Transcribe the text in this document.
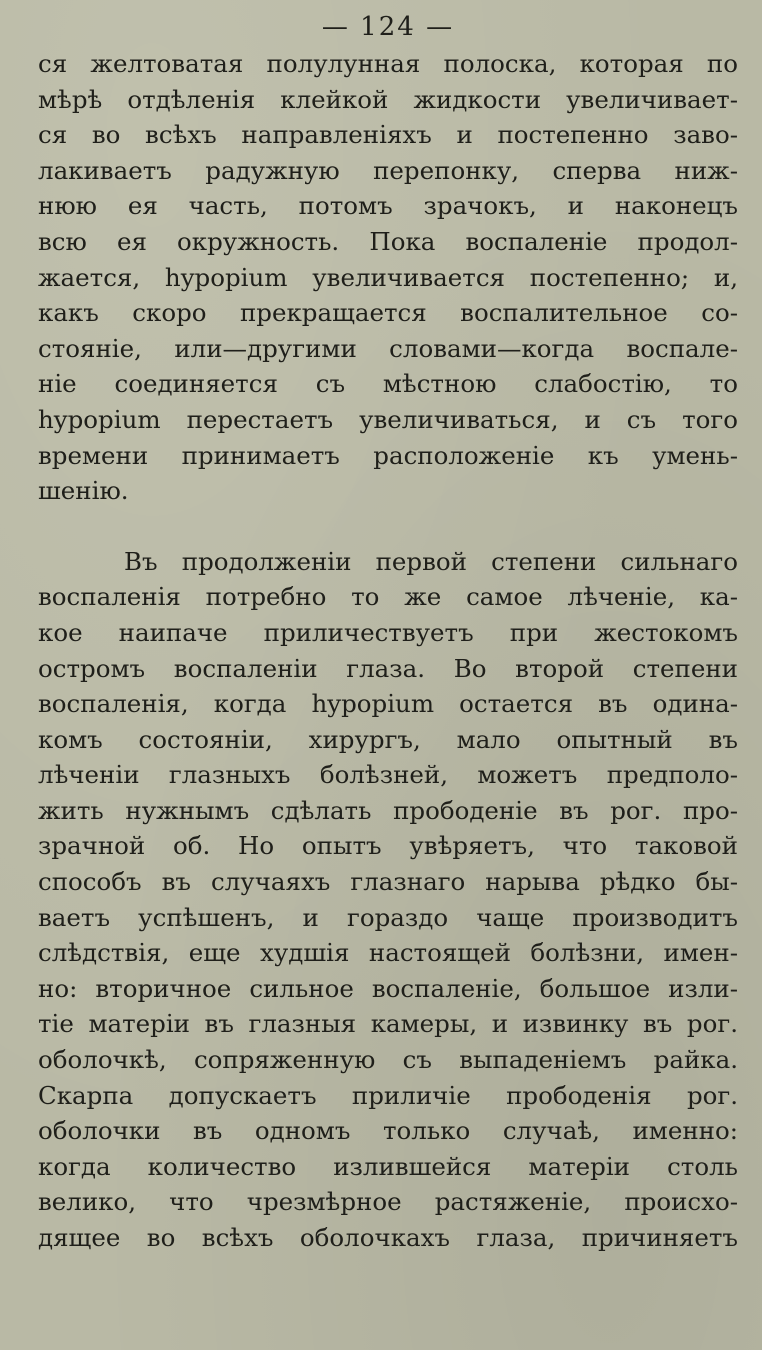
— 124 —
ся желтоватая полулунная полоска, которая по
мѣрѣ отдѣленія клейкой жидкости увеличивает-
ся во всѣхъ направленіяхъ и постепенно заво-
лакиваетъ радужную перепонку, сперва ниж-
нюю ея часть, потомъ зрачокъ, и наконецъ
всю ея окружность. Пока воспаленіе продол-
жается, hypopium увеличивается постепенно; и,
какъ скоро прекращается воспалительное со-
стояніе, или—другими словами—когда воспале-
ніе соединяется съ мѣстною слабостію, то
hypopium перестаетъ увеличиваться, и съ того
времени принимаетъ расположеніе къ умень-
шенію.
Въ продолженіи первой степени сильнаго
воспаленія потребно то же самое лѣченіе, ка-
кое наипаче приличествуетъ при жестокомъ
остромъ воспаленіи глаза. Во второй степени
воспаленія, когда hypopium остается въ одина-
комъ состояніи, хирургъ, мало опытный въ
лѣченіи глазныхъ болѣзней, можетъ предполо-
жить нужнымъ сдѣлать прободеніе въ рог. про-
зрачной об. Но опытъ увѣряетъ, что таковой
способъ въ случаяхъ глазнаго нарыва рѣдко бы-
ваетъ успѣшенъ, и гораздо чаще производитъ
слѣдствія, еще худшія настоящей болѣзни, имен-
но: вторичное сильное воспаленіе, большое изли-
тіе матеріи въ глазныя камеры, и извинку въ рог.
оболочкѣ, сопряженную съ выпаденіемъ райка.
Скарпа допускаетъ приличіе прободенія рог.
оболочки въ одномъ только случаѣ, именно:
когда количество излившейся матеріи столь
велико, что чрезмѣрное растяженіе, происхо-
дящее во всѣхъ оболочкахъ глаза, причиняетъ
